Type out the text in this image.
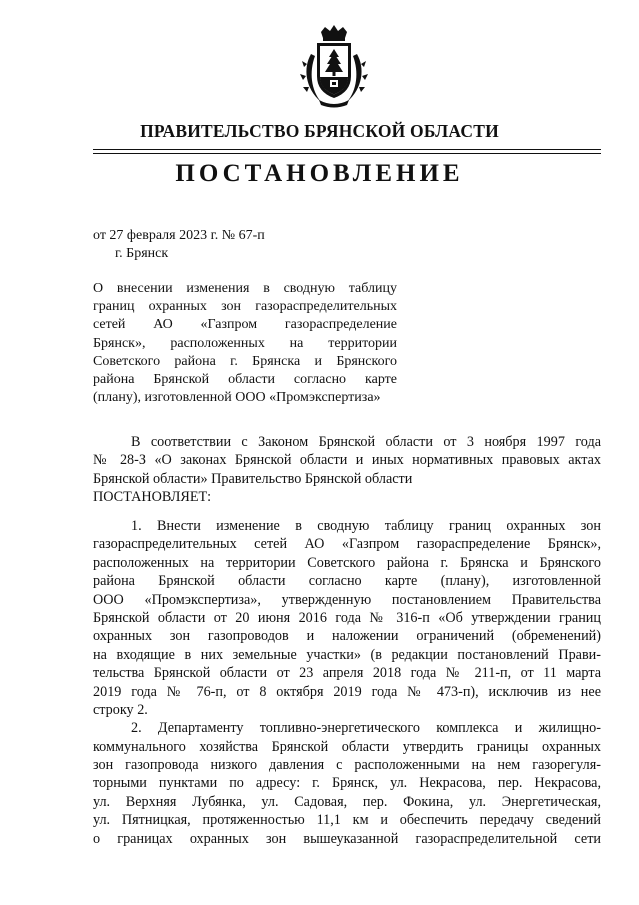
ПРАВИТЕЛЬСТВО БРЯНСКОЙ ОБЛАСТИ
ПОСТАНОВЛЕНИЕ
от 27 февраля 2023 г. № 67-п
г. Брянск
О внесении изменения в сводную таблицу
границ охранных зон газораспределительных
сетей АО «Газпром газораспределение
Брянск», расположенных на территории
Советского района г. Брянска и Брянского
района Брянской области согласно карте
(плану), изготовленной ООО «Промэкспертиза»
В соответствии с Законом Брянской области от 3 ноября 1997 года
№ 28-З «О законах Брянской области и иных нормативных правовых актах
Брянской области» Правительство Брянской области
ПОСТАНОВЛЯЕТ:
1. Внести изменение в сводную таблицу границ охранных зон
газораспределительных сетей АО «Газпром газораспределение Брянск»,
расположенных на территории Советского района г. Брянска и Брянского
района Брянской области согласно карте (плану), изготовленной
ООО «Промэкспертиза», утвержденную постановлением Правительства
Брянской области от 20 июня 2016 года № 316-п «Об утверждении границ
охранных зон газопроводов и наложении ограничений (обременений)
на входящие в них земельные участки» (в редакции постановлений Прави-
тельства Брянской области от 23 апреля 2018 года № 211-п, от 11 марта
2019 года № 76-п, от 8 октября 2019 года № 473-п), исключив из нее
строку 2.
2. Департаменту топливно-энергетического комплекса и жилищно-
коммунального хозяйства Брянской области утвердить границы охранных
зон газопровода низкого давления с расположенными на нем газорегуля-
торными пунктами по адресу: г. Брянск, ул. Некрасова, пер. Некрасова,
ул. Верхняя Лубянка, ул. Садовая, пер. Фокина, ул. Энергетическая,
ул. Пятницкая, протяженностью 11,1 км и обеспечить передачу сведений
о границах охранных зон вышеуказанной газораспределительной сети
